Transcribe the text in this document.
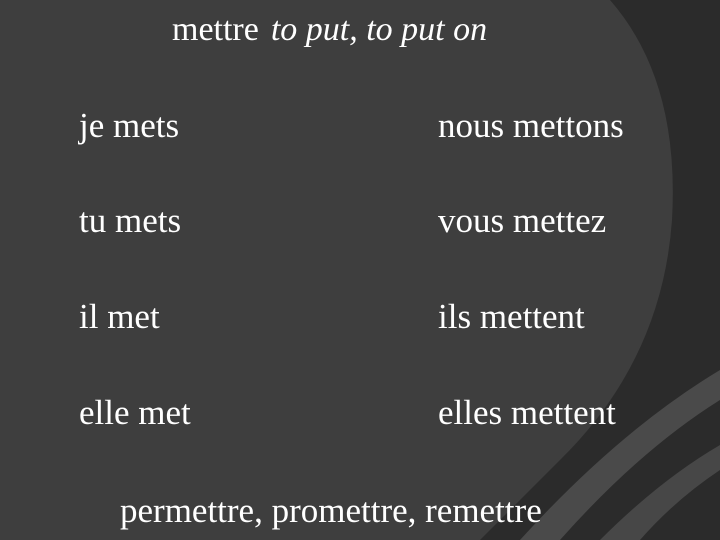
mettre to put, to put on
je mets	nous mettons
tu mets	vous mettez
il met	ils mettent
elle met	elles mettent
permettre, promettre, remettre
